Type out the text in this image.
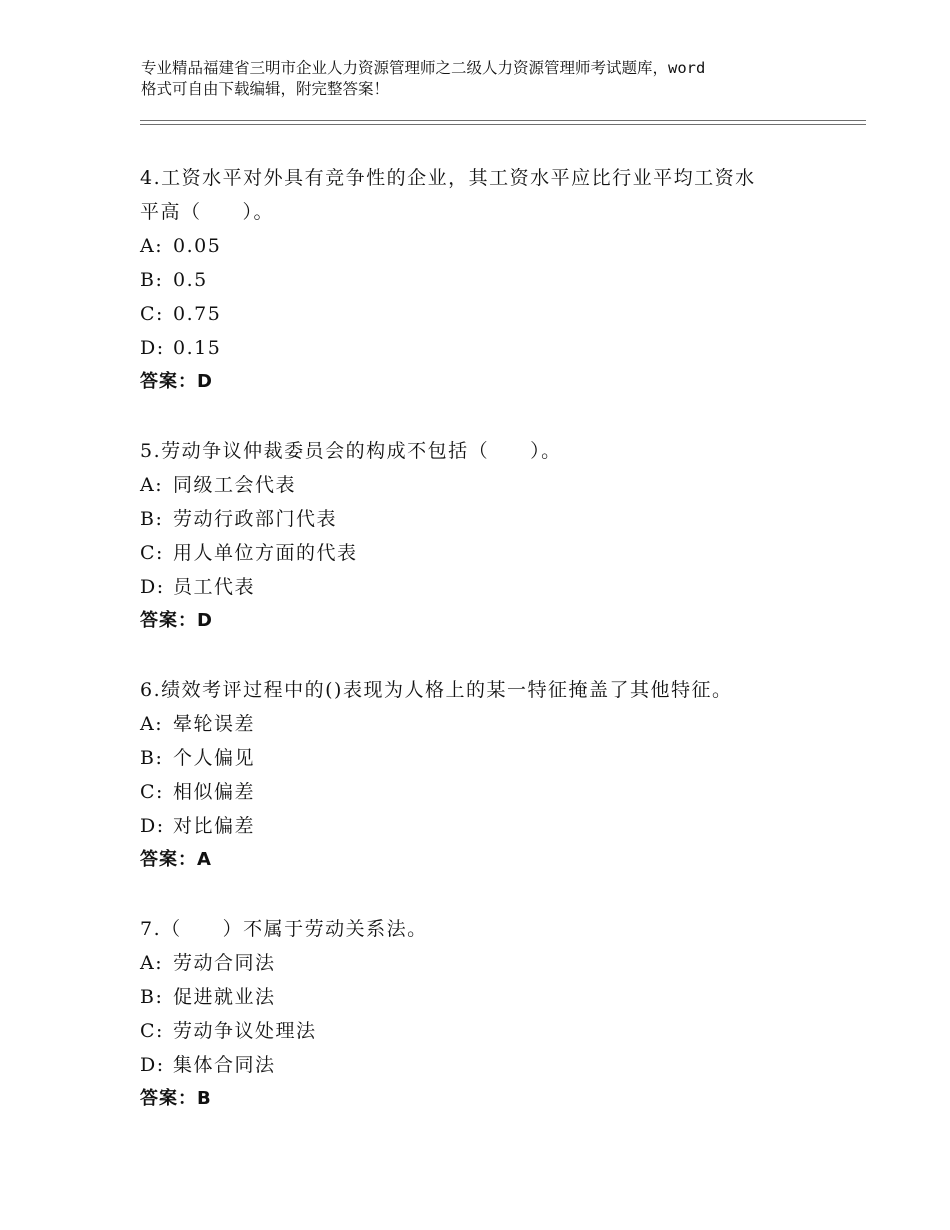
专业精品福建省三明市企业人力资源管理师之二级人力资源管理师考试题库，word
格式可自由下载编辑，附完整答案！
4.工资水平对外具有竞争性的企业，其工资水平应比行业平均工资水
平高（　　）。
A: 0.05
B: 0.5
C: 0.75
D: 0.15
答案：D
5.劳动争议仲裁委员会的构成不包括（　　）。
A: 同级工会代表
B: 劳动行政部门代表
C: 用人单位方面的代表
D: 员工代表
答案：D
6.绩效考评过程中的()表现为人格上的某一特征掩盖了其他特征。
A: 晕轮误差
B: 个人偏见
C: 相似偏差
D: 对比偏差
答案：A
7.（　　）不属于劳动关系法。
A: 劳动合同法
B: 促进就业法
C: 劳动争议处理法
D: 集体合同法
答案：B
